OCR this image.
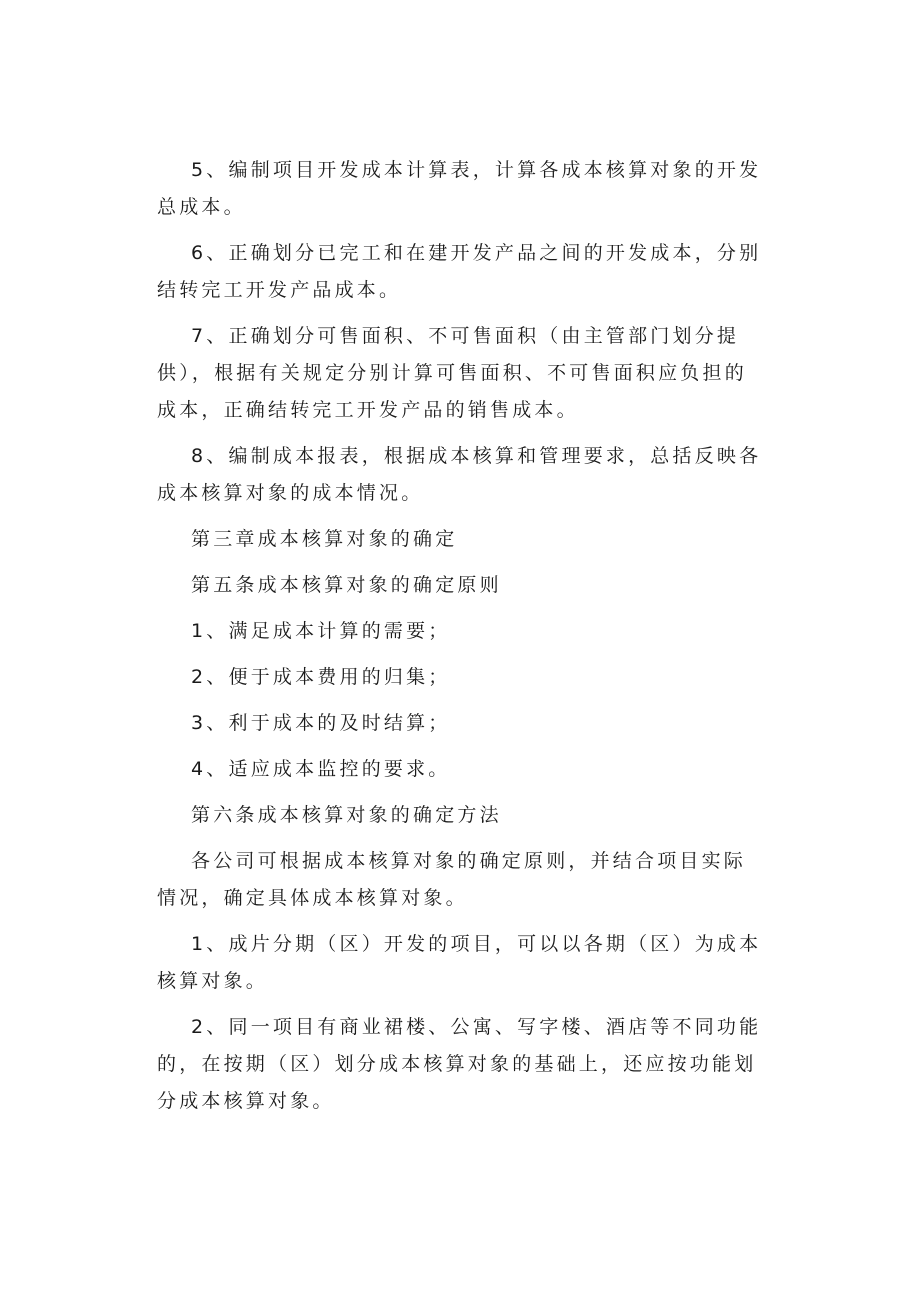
5、编制项目开发成本计算表，计算各成本核算对象的开发总成本。

6、正确划分已完工和在建开发产品之间的开发成本，分别结转完工开发产品成本。

7、正确划分可售面积、不可售面积（由主管部门划分提供），根据有关规定分别计算可售面积、不可售面积应负担的成本，正确结转完工开发产品的销售成本。

8、编制成本报表，根据成本核算和管理要求，总括反映各成本核算对象的成本情况。

第三章成本核算对象的确定

第五条成本核算对象的确定原则

1、满足成本计算的需要；

2、便于成本费用的归集；

3、利于成本的及时结算；

4、适应成本监控的要求。

第六条成本核算对象的确定方法

各公司可根据成本核算对象的确定原则，并结合项目实际情况，确定具体成本核算对象。

1、成片分期（区）开发的项目，可以以各期（区）为成本核算对象。

2、同一项目有商业裙楼、公寓、写字楼、酒店等不同功能的，在按期（区）划分成本核算对象的基础上，还应按功能划分成本核算对象。
